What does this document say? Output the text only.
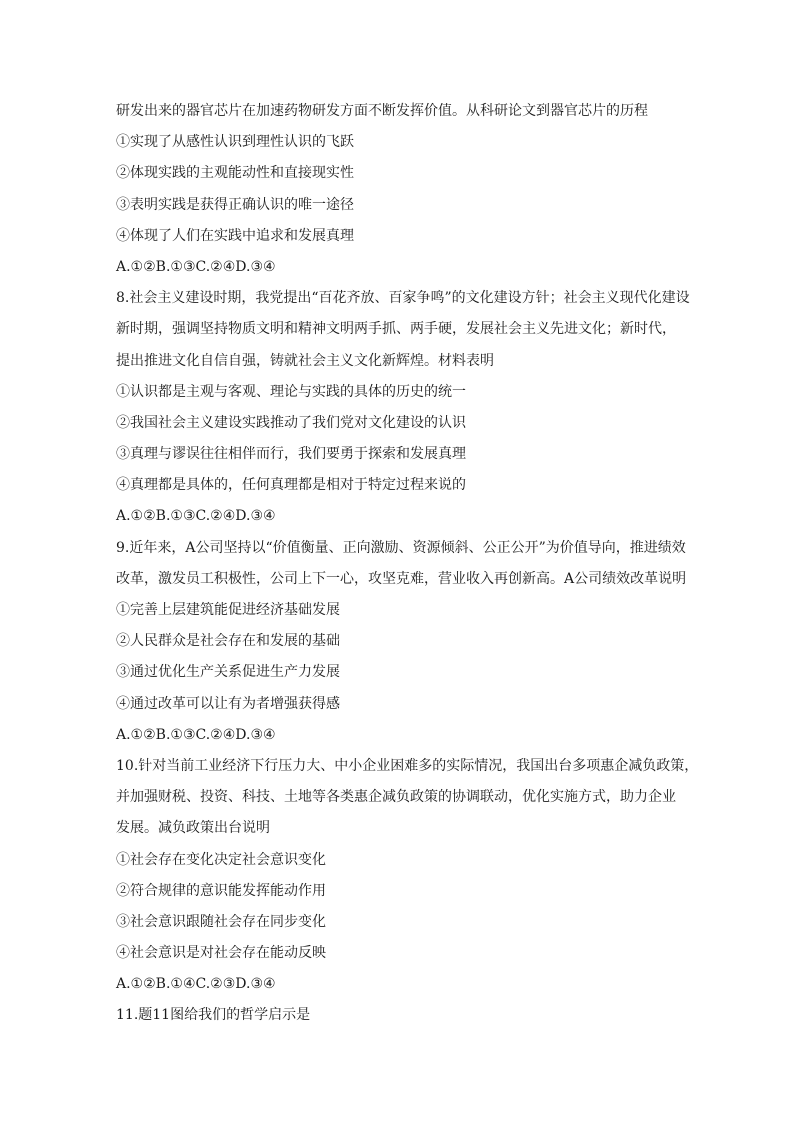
研发出来的器官芯片在加速药物研发方面不断发挥价值。从科研论文到器官芯片的历程
①实现了从感性认识到理性认识的飞跃
②体现实践的主观能动性和直接现实性
③表明实践是获得正确认识的唯一途径
④体现了人们在实践中追求和发展真理
A.①②B.①③C.②④D.③④
8.社会主义建设时期，我党提出“百花齐放、百家争鸣”的文化建设方针；社会主义现代化建设
新时期，强调坚持物质文明和精神文明两手抓、两手硬，发展社会主义先进文化；新时代，
提出推进文化自信自强，铸就社会主义文化新辉煌。材料表明
①认识都是主观与客观、理论与实践的具体的历史的统一
②我国社会主义建设实践推动了我们党对文化建设的认识
③真理与谬误往往相伴而行，我们要勇于探索和发展真理
④真理都是具体的，任何真理都是相对于特定过程来说的
A.①②B.①③C.②④D.③④
9.近年来，A公司坚持以“价值衡量、正向激励、资源倾斜、公正公开”为价值导向，推进绩效
改革，激发员工积极性，公司上下一心，攻坚克难，营业收入再创新高。A公司绩效改革说明
①完善上层建筑能促进经济基础发展
②人民群众是社会存在和发展的基础
③通过优化生产关系促进生产力发展
④通过改革可以让有为者增强获得感
A.①②B.①③C.②④D.③④
10.针对当前工业经济下行压力大、中小企业困难多的实际情况，我国出台多项惠企减负政策，
并加强财税、投资、科技、土地等各类惠企减负政策的协调联动，优化实施方式，助力企业
发展。减负政策出台说明
①社会存在变化决定社会意识变化
②符合规律的意识能发挥能动作用
③社会意识跟随社会存在同步变化
④社会意识是对社会存在能动反映
A.①②B.①④C.②③D.③④
11.题11图给我们的哲学启示是
